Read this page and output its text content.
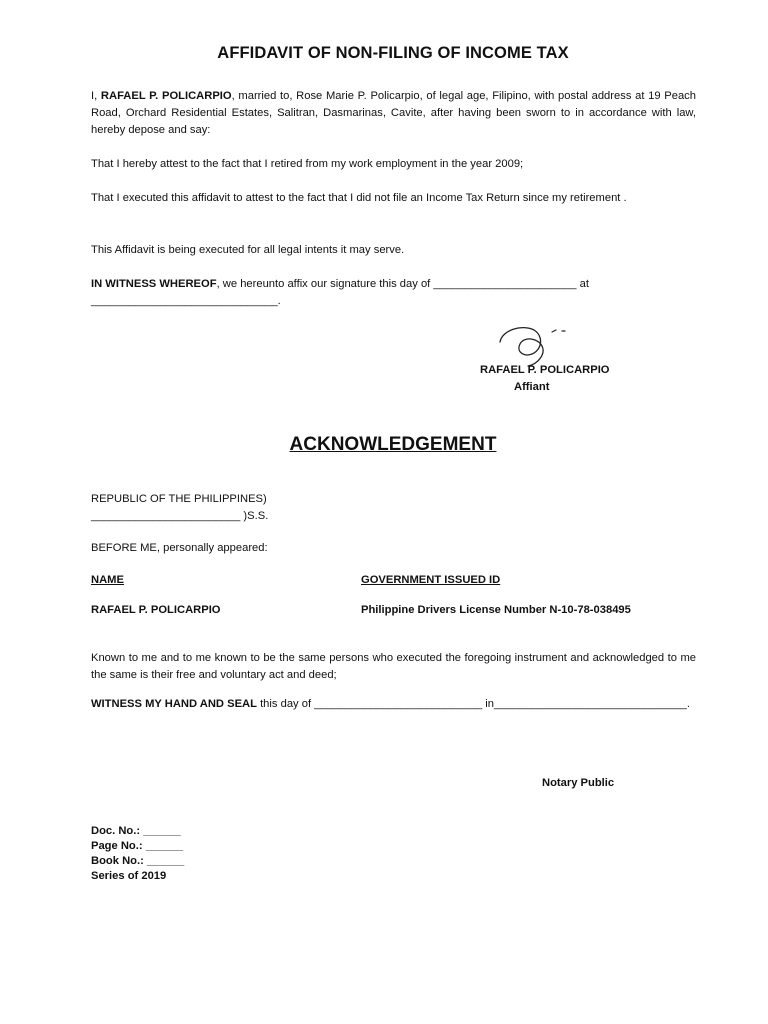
AFFIDAVIT OF NON-FILING OF INCOME TAX
I, RAFAEL P. POLICARPIO, married to, Rose Marie P. Policarpio, of legal age, Filipino, with postal address at 19 Peach Road, Orchard Residential Estates, Salitran, Dasmarinas, Cavite, after having been sworn to in accordance with law, hereby depose and say:
That I hereby attest to the fact that I retired from my work employment in the year 2009;
That I executed this affidavit to attest to the fact that I did not file an Income Tax Return since my retirement .
This Affidavit is being executed for all legal intents it may serve.
IN WITNESS WHEREOF, we hereunto affix our signature this day of _______________________ at
______________________________.
RAFAEL P. POLICARPIO
Affiant
ACKNOWLEDGEMENT
REPUBLIC OF THE PHILIPPINES)
________________________ )S.S.
BEFORE ME, personally appeared:
NAME	GOVERNMENT ISSUED ID
RAFAEL P. POLICARPIO	Philippine Drivers License Number N-10-78-038495
Known to me and to me known to be the same persons who executed the foregoing instrument and acknowledged to me the same is their free and voluntary act and deed;
WITNESS MY HAND AND SEAL this day of ___________________________ in_______________________________.
Notary Public
Doc. No.: ______
Page No.: ______
Book No.: ______
Series of 2019
